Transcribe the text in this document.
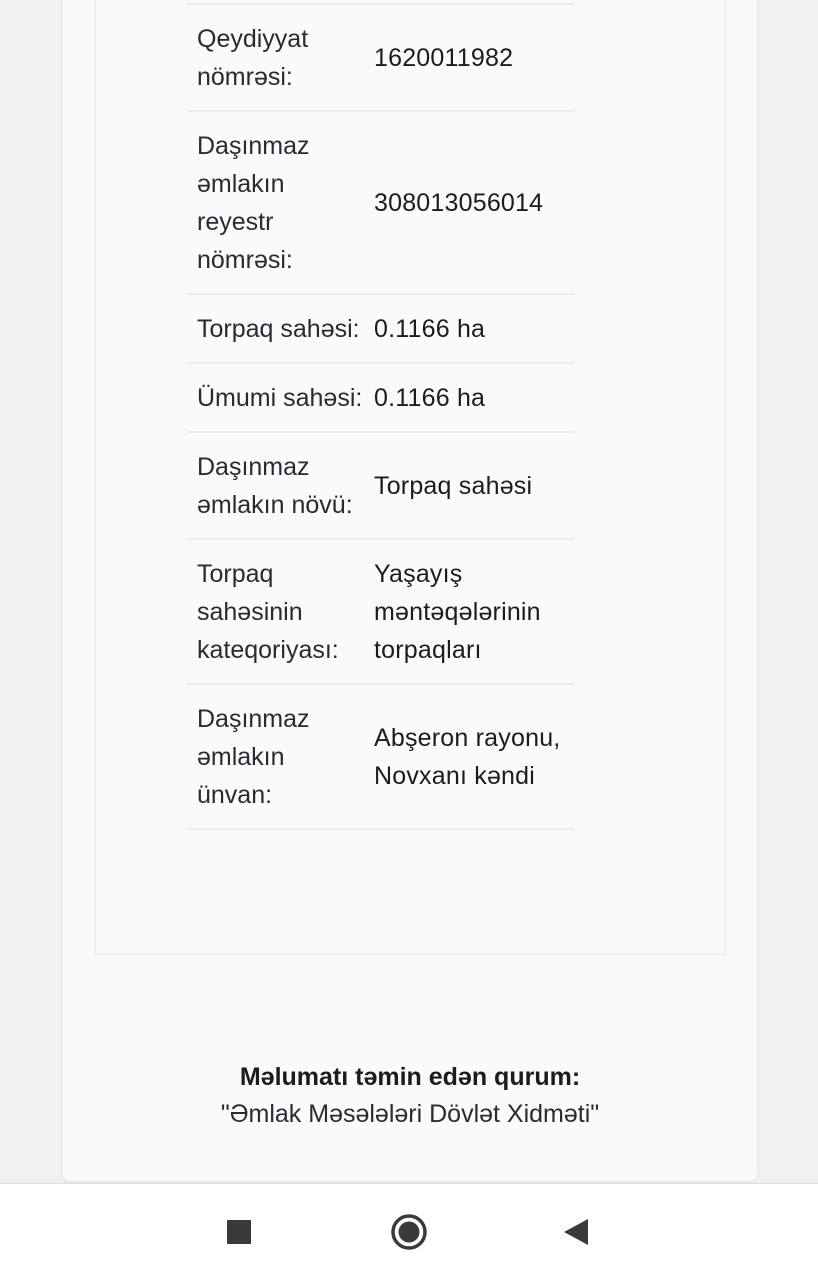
Qeydiyyat nömrəsi:	1620011982
Daşınmaz əmlakın reyestr nömrəsi:	308013056014
Torpaq sahəsi:	0.1166 ha
Ümumi sahəsi:	0.1166 ha
Daşınmaz əmlakın növü:	Torpaq sahəsi
Torpaq sahəsinin kateqoriyası:	Yaşayış məntəqələrinin torpaqları
Daşınmaz əmlakın ünvan:	Abşeron rayonu, Novxanı kəndi
Məlumatı təmin edən qurum:
"Əmlak Məsələləri Dövlət Xidməti"
